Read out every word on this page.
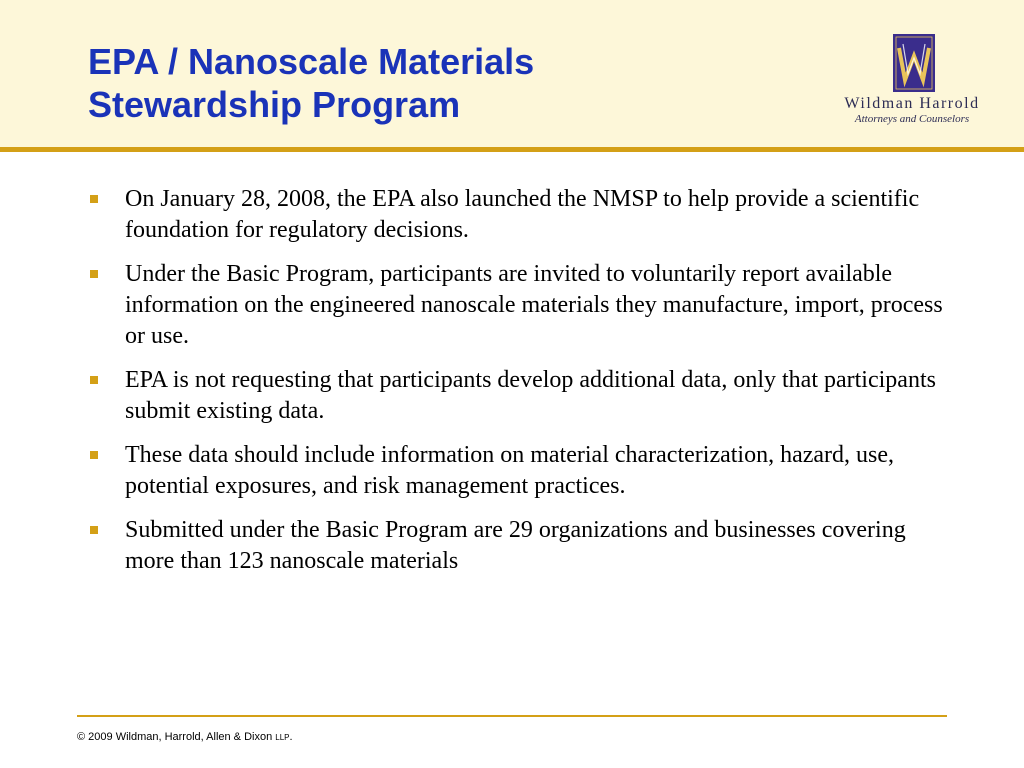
EPA / Nanoscale Materials
Stewardship Program	Wildman Harrold
Attorneys and Counselors
On January 28, 2008, the EPA also launched the NMSP to help provide a scientific foundation for regulatory decisions.
Under the Basic Program, participants are invited to voluntarily report available information on the engineered nanoscale materials they manufacture, import, process or use.
EPA is not requesting that participants develop additional data, only that participants submit existing data.
These data should include information on material characterization, hazard, use, potential exposures, and risk management practices.
Submitted under the Basic Program are 29 organizations and businesses covering more than 123 nanoscale materials
© 2009 Wildman, Harrold, Allen & Dixon LLP.
